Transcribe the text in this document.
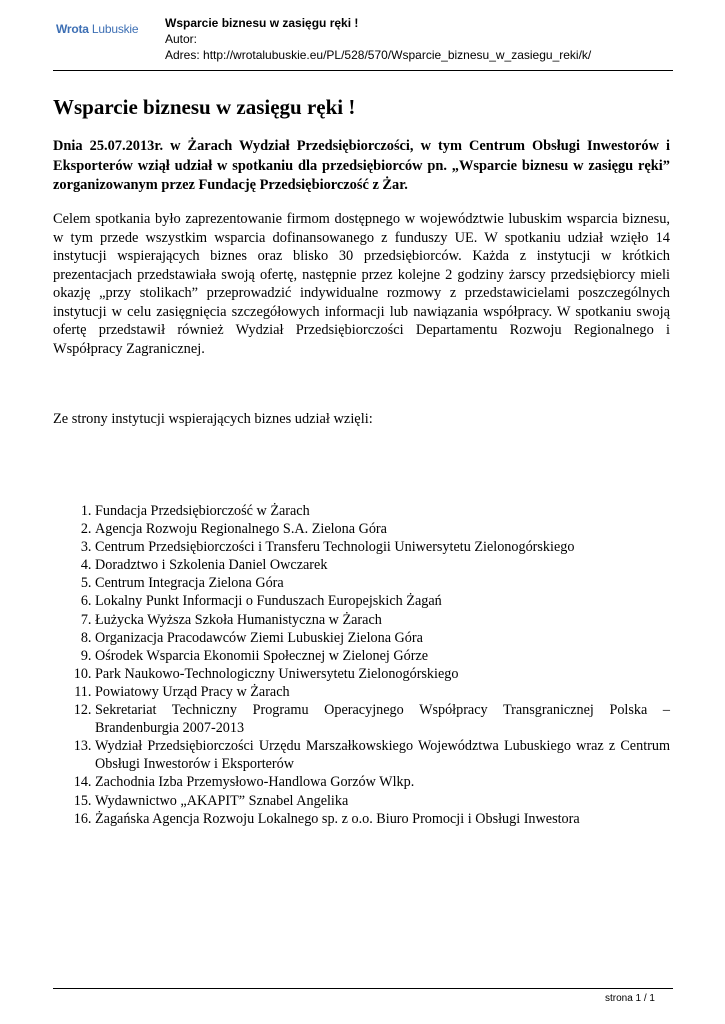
Wrota Lubuskie Wsparcie biznesu w zasięgu ręki !
Autor:
Adres: http://wrotalubuskie.eu/PL/528/570/Wsparcie_biznesu_w_zasiegu_reki/k/
Wsparcie biznesu w zasięgu ręki !

Dnia 25.07.2013r. w Żarach Wydział Przedsiębiorczości, w tym Centrum Obsługi Inwestorów i Eksporterów wziął udział w spotkaniu dla przedsiębiorców pn. „Wsparcie biznesu w zasięgu ręki” zorganizowanym przez Fundację Przedsiębiorczość z Żar.

Celem spotkania było zaprezentowanie firmom dostępnego w województwie lubuskim wsparcia biznesu, w tym przede wszystkim wsparcia dofinansowanego z funduszy UE. W spotkaniu udział wzięło 14 instytucji wspierających biznes oraz blisko 30 przedsiębiorców. Każda z instytucji w krótkich prezentacjach przedstawiała swoją ofertę, następnie przez kolejne 2 godziny żarscy przedsiębiorcy mieli okazję „przy stolikach” przeprowadzić indywidualne rozmowy z przedstawicielami poszczególnych instytucji w celu zasięgnięcia szczegółowych informacji lub nawiązania współpracy. W spotkaniu swoją ofertę przedstawił również Wydział Przedsiębiorczości Departamentu Rozwoju Regionalnego i Współpracy Zagranicznej.

Ze strony instytucji wspierających biznes udział wzięli:

1. Fundacja Przedsiębiorczość w Żarach
2. Agencja Rozwoju Regionalnego S.A. Zielona Góra
3. Centrum Przedsiębiorczości i Transferu Technologii Uniwersytetu Zielonogórskiego
4. Doradztwo i Szkolenia Daniel Owczarek
5. Centrum Integracja Zielona Góra
6. Lokalny Punkt Informacji o Funduszach Europejskich Żagań
7. Łużycka Wyższa Szkoła Humanistyczna w Żarach
8. Organizacja Pracodawców Ziemi Lubuskiej Zielona Góra
9. Ośrodek Wsparcia Ekonomii Społecznej w Zielonej Górze
10. Park Naukowo-Technologiczny Uniwersytetu Zielonogórskiego
11. Powiatowy Urząd Pracy w Żarach
12. Sekretariat Techniczny Programu Operacyjnego Współpracy Transgranicznej Polska – Brandenburgia 2007-2013
13. Wydział Przedsiębiorczości Urzędu Marszałkowskiego Województwa Lubuskiego wraz z Centrum Obsługi Inwestorów i Eksporterów
14. Zachodnia Izba Przemysłowo-Handlowa Gorzów Wlkp.
15. Wydawnictwo „AKAPIT” Sznabel Angelika
16. Żagańska Agencja Rozwoju Lokalnego sp. z o.o. Biuro Promocji i Obsługi Inwestora
strona 1 / 1
